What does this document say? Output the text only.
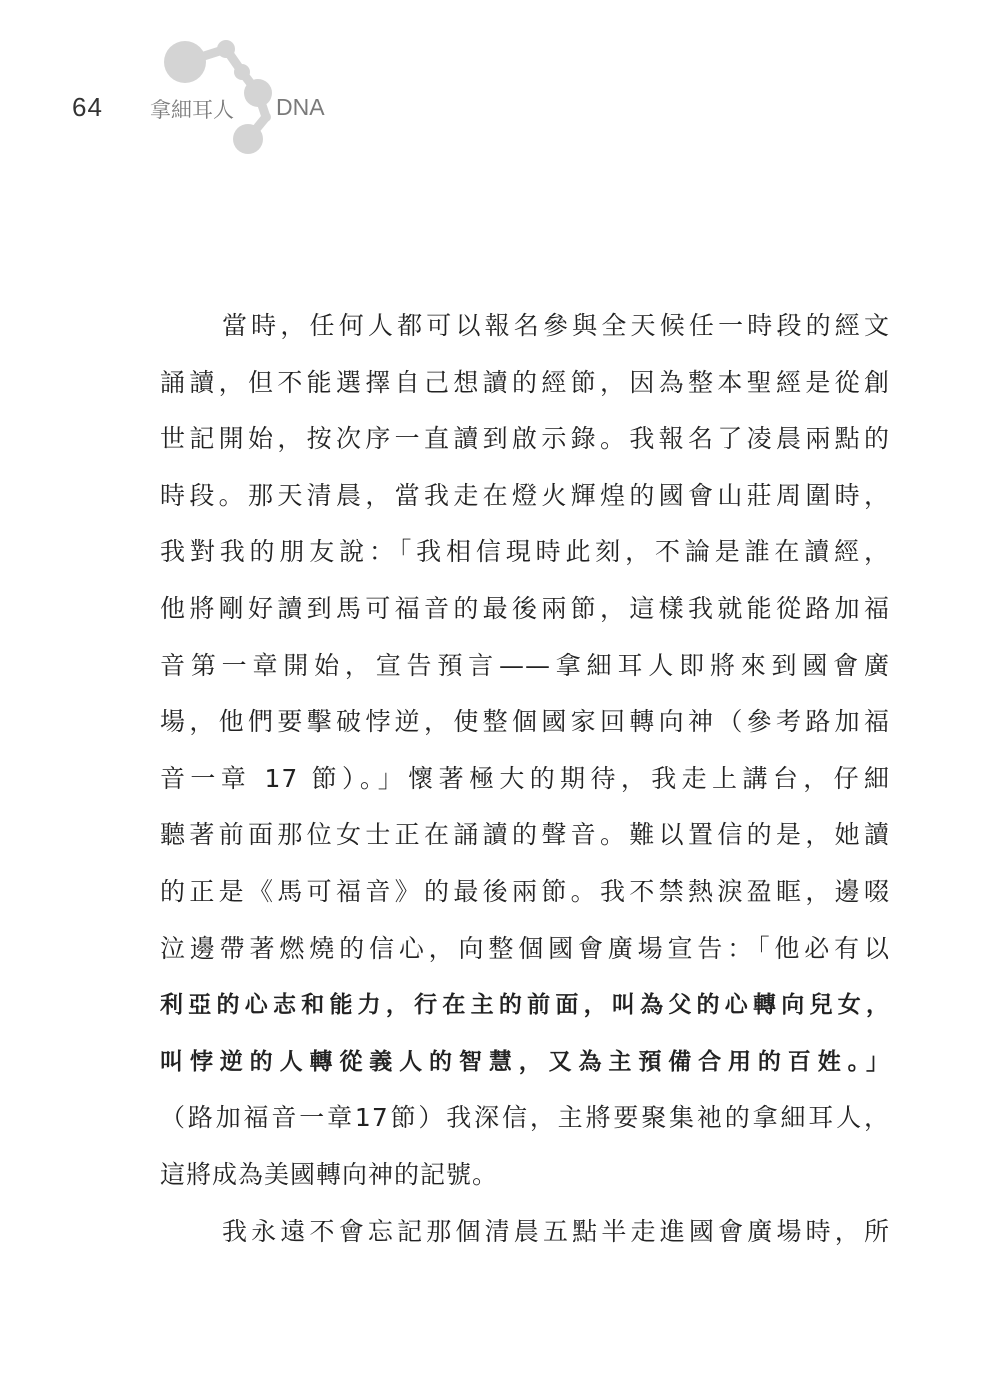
64 拿細耳人 DNA
當時，任何人都可以報名參與全天候任一時段的經文
誦讀，但不能選擇自己想讀的經節，因為整本聖經是從創
世記開始，按次序一直讀到啟示錄。我報名了凌晨兩點的
時段。那天清晨，當我走在燈火輝煌的國會山莊周圍時，
我對我的朋友說：「我相信現時此刻，不論是誰在讀經，
他將剛好讀到馬可福音的最後兩節，這樣我就能從路加福
音第一章開始，宣告預言——拿細耳人即將來到國會廣
場，他們要擊破悖逆，使整個國家回轉向神（參考路加福
音一章 17 節）。」懷著極大的期待，我走上講台，仔細
聽著前面那位女士正在誦讀的聲音。難以置信的是，她讀
的正是《馬可福音》的最後兩節。我不禁熱淚盈眶，邊啜
泣邊帶著燃燒的信心，向整個國會廣場宣告：「他必有以
利亞的心志和能力，行在主的前面，叫為父的心轉向兒女，
叫悖逆的人轉從義人的智慧，又為主預備合用的百姓。」
（路加福音一章17節）我深信，主將要聚集祂的拿細耳人，
這將成為美國轉向神的記號。
我永遠不會忘記那個清晨五點半走進國會廣場時，所
